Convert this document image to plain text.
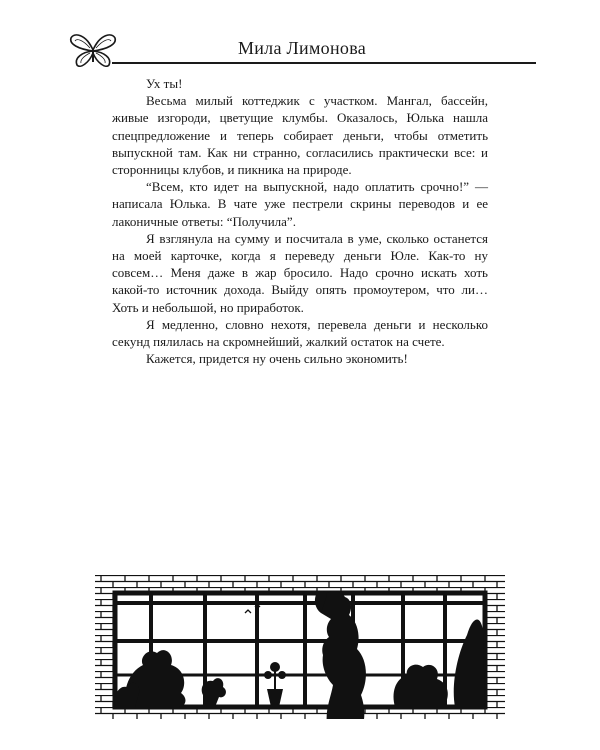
Мила Лимонова

Ух ты!

Весьма милый коттеджик с участком. Мангал, бассейн, живые изгороди, цветущие клумбы. Оказалось, Юлька нашла спецпредложение и теперь собирает деньги, чтобы отметить выпускной там. Как ни странно, согласились практически все: и сторонницы клубов, и пикника на природе.

“Всем, кто идет на выпускной, надо оплатить срочно!” — написала Юлька. В чате уже пестрели скрины переводов и ее лаконичные ответы: “Получила”.

Я взглянула на сумму и посчитала в уме, сколько останется на моей карточке, когда я переведу деньги Юле. Как-то ну совсем… Меня даже в жар бросило. Надо срочно искать хоть какой-то источник дохода. Выйду опять промоутером, что ли… Хоть и небольшой, но приработок.

Я медленно, словно нехотя, перевела деньги и несколько секунд пялилась на скромнейший, жалкий остаток на счете.

Кажется, придется ну очень сильно экономить!
